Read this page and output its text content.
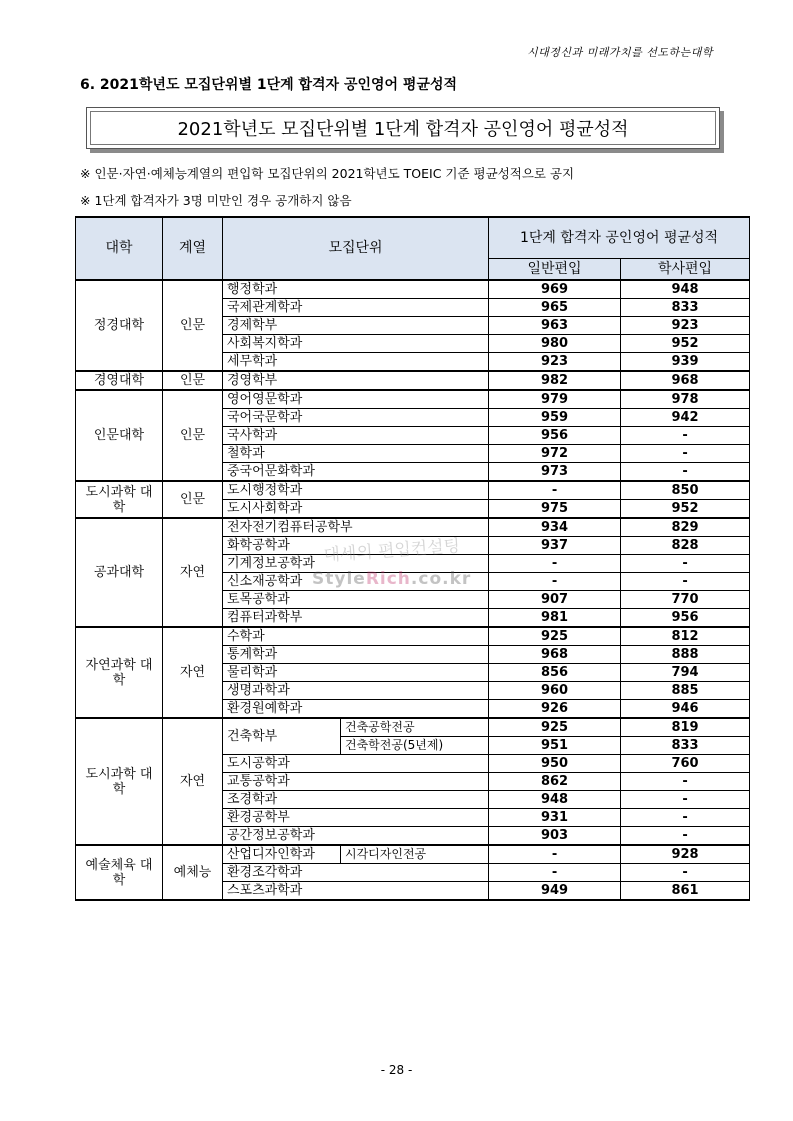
시대정신과 미래가치를 선도하는대학
6. 2021학년도 모집단위별 1단계 합격자 공인영어 평균성적
2021학년도 모집단위별 1단계 합격자 공인영어 평균성적
※ 인문·자연·예체능계열의 편입학 모집단위의 2021학년도 TOEIC 기준 평균성적으로 공지
※ 1단계 합격자가 3명 미만인 경우 공개하지 않음
대학	계열	모집단위		1단계 합격자 공인영어 평균성적	
				일반편입	학사편입
정경대학	인문	행정학과		969	948
		국제관계학과		965	833
		경제학부		963	923
		사회복지학과		980	952
		세무학과		923	939
경영대학	인문	경영학부		982	968
인문대학	인문	영어영문학과		979	978
		국어국문학과		959	942
		국사학과		956	-
		철학과		972	-
		중국어문화학과		973	-
도시과학 대학	인문	도시행정학과		-	850
		도시사회학과		975	952
공과대학	자연	전자전기컴퓨터공학부		934	829
		화학공학과		937	828
		기계정보공학과		-	-
		신소재공학과		-	-
		토목공학과		907	770
		컴퓨터과학부		981	956
자연과학 대학	자연	수학과		925	812
		통계학과		968	888
		물리학과		856	794
		생명과학과		960	885
		환경원예학과		926	946
도시과학 대학	자연	건축학부	건축공학전공	925	819
			건축학전공(5년제)	951	833
		도시공학과		950	760
		교통공학과		862	-
		조경학과		948	-
		환경공학부		931	-
		공간정보공학과		903	-
예술체육 대학	예체능	산업디자인학과	시각디자인전공	-	928
		환경조각학과		-	-
		스포츠과학과		949	861
대세의 편입컨설팅
StyleRich.co.kr
- 28 -
